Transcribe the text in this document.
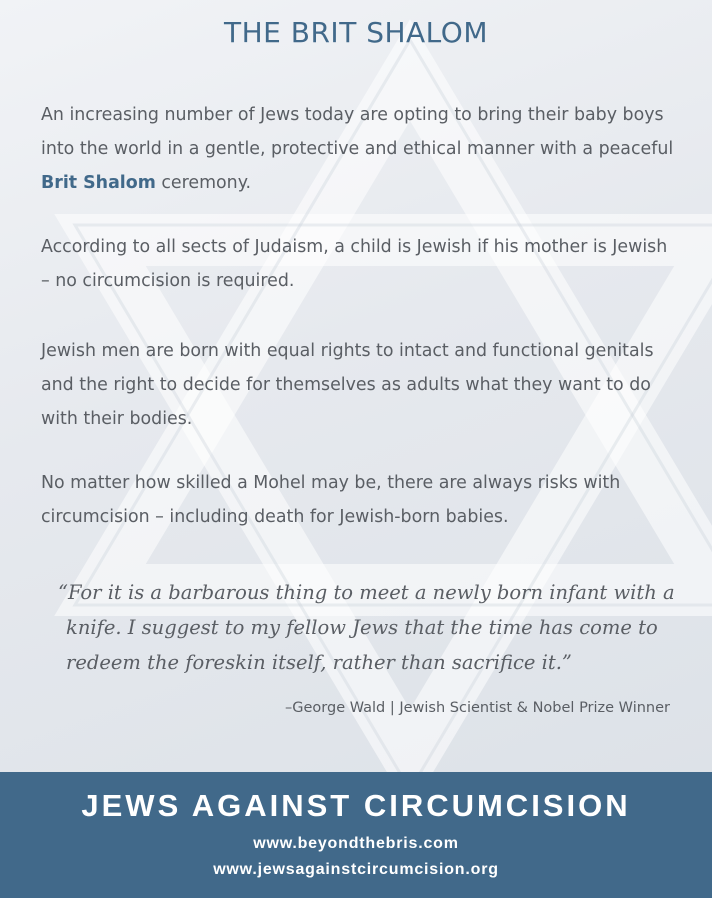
THE BRIT SHALOM

An increasing number of Jews today are opting to bring their baby boys into the world in a gentle, protective and ethical manner with a peaceful Brit Shalom ceremony.

According to all sects of Judaism, a child is Jewish if his mother is Jewish – no circumcision is required.

Jewish men are born with equal rights to intact and functional genitals and the right to decide for themselves as adults what they want to do with their bodies.

No matter how skilled a Mohel may be, there are always risks with circumcision – including death for Jewish-born babies.

“For it is a barbarous thing to meet a newly born infant with a
knife. I suggest to my fellow Jews that the time has come to
redeem the foreskin itself, rather than sacrifice it.”

–George Wald | Jewish Scientist & Nobel Prize Winner

JEWS AGAINST CIRCUMCISION
www.beyondthebris.com
www.jewsagainstcircumcision.org
